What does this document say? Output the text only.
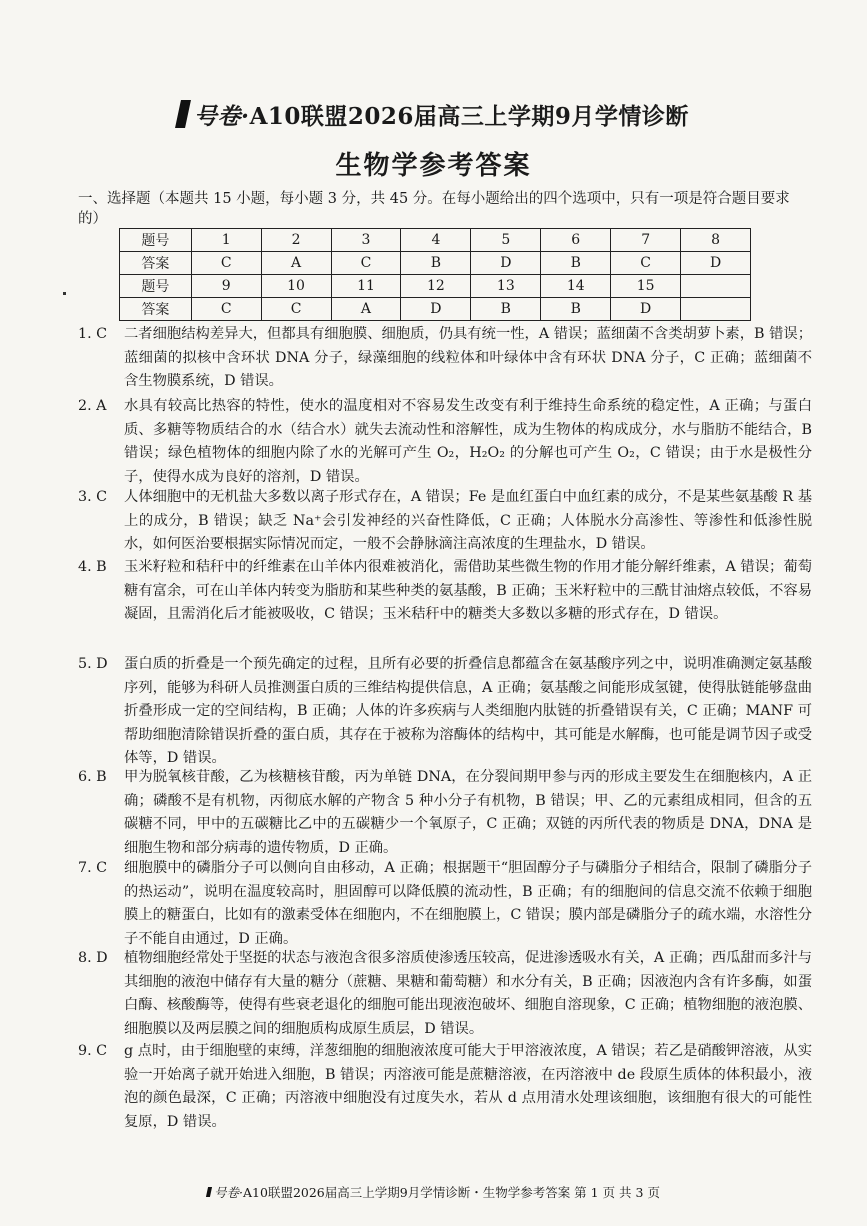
号卷·A10联盟2026届高三上学期9月学情诊断
生物学参考答案
一、选择题（本题共 15 小题，每小题 3 分，共 45 分。在每小题给出的四个选项中，只有一项是符合题目要求的）
题号	1	2	3	4	5	6	7	8
答案	C	A	C	B	D	B	C	D
题号	9	10	11	12	13	14	15	
答案	C	C	A	D	B	B	D	
1. C	二者细胞结构差异大，但都具有细胞膜、细胞质，仍具有统一性，A 错误；蓝细菌不含类胡萝卜素，B 错误；蓝细菌的拟核中含环状 DNA 分子，绿藻细胞的线粒体和叶绿体中含有环状 DNA 分子，C 正确；蓝细菌不含生物膜系统，D 错误。
2. A	水具有较高比热容的特性，使水的温度相对不容易发生改变有利于维持生命系统的稳定性，A 正确；与蛋白质、多糖等物质结合的水（结合水）就失去流动性和溶解性，成为生物体的构成成分，水与脂肪不能结合，B 错误；绿色植物体的细胞内除了水的光解可产生 O₂，H₂O₂ 的分解也可产生 O₂，C 错误；由于水是极性分子，使得水成为良好的溶剂，D 错误。
3. C	人体细胞中的无机盐大多数以离子形式存在，A 错误；Fe 是血红蛋白中血红素的成分，不是某些氨基酸 R 基上的成分，B 错误；缺乏 Na⁺会引发神经的兴奋性降低，C 正确；人体脱水分高渗性、等渗性和低渗性脱水，如何医治要根据实际情况而定，一般不会静脉滴注高浓度的生理盐水，D 错误。
4. B	玉米籽粒和秸秆中的纤维素在山羊体内很难被消化，需借助某些微生物的作用才能分解纤维素，A 错误；葡萄糖有富余，可在山羊体内转变为脂肪和某些种类的氨基酸，B 正确；玉米籽粒中的三酰甘油熔点较低，不容易凝固，且需消化后才能被吸收，C 错误；玉米秸秆中的糖类大多数以多糖的形式存在，D 错误。
5. D	蛋白质的折叠是一个预先确定的过程，且所有必要的折叠信息都蕴含在氨基酸序列之中，说明准确测定氨基酸序列，能够为科研人员推测蛋白质的三维结构提供信息，A 正确；氨基酸之间能形成氢键，使得肽链能够盘曲折叠形成一定的空间结构，B 正确；人体的许多疾病与人类细胞内肽链的折叠错误有关，C 正确；MANF 可帮助细胞清除错误折叠的蛋白质，其存在于被称为溶酶体的结构中，其可能是水解酶，也可能是调节因子或受体等，D 错误。
6. B	甲为脱氧核苷酸，乙为核糖核苷酸，丙为单链 DNA，在分裂间期甲参与丙的形成主要发生在细胞核内，A 正确；磷酸不是有机物，丙彻底水解的产物含 5 种小分子有机物，B 错误；甲、乙的元素组成相同，但含的五碳糖不同，甲中的五碳糖比乙中的五碳糖少一个氧原子，C 正确；双链的丙所代表的物质是 DNA，DNA 是细胞生物和部分病毒的遗传物质，D 正确。
7. C	细胞膜中的磷脂分子可以侧向自由移动，A 正确；根据题干“胆固醇分子与磷脂分子相结合，限制了磷脂分子的热运动”，说明在温度较高时，胆固醇可以降低膜的流动性，B 正确；有的细胞间的信息交流不依赖于细胞膜上的糖蛋白，比如有的激素受体在细胞内，不在细胞膜上，C 错误；膜内部是磷脂分子的疏水端，水溶性分子不能自由通过，D 正确。
8. D	植物细胞经常处于坚挺的状态与液泡含很多溶质使渗透压较高，促进渗透吸水有关，A 正确；西瓜甜而多汁与其细胞的液泡中储存有大量的糖分（蔗糖、果糖和葡萄糖）和水分有关，B 正确；因液泡内含有许多酶，如蛋白酶、核酸酶等，使得有些衰老退化的细胞可能出现液泡破坏、细胞自溶现象，C 正确；植物细胞的液泡膜、细胞膜以及两层膜之间的细胞质构成原生质层，D 错误。
9. C	g 点时，由于细胞壁的束缚，洋葱细胞的细胞液浓度可能大于甲溶液浓度，A 错误；若乙是硝酸钾溶液，从实验一开始离子就开始进入细胞，B 错误；丙溶液可能是蔗糖溶液，在丙溶液中 de 段原生质体的体积最小，液泡的颜色最深，C 正确；丙溶液中细胞没有过度失水，若从 d 点用清水处理该细胞，该细胞有很大的可能性复原，D 错误。
号卷·A10联盟2026届高三上学期9月学情诊断・生物学参考答案 第 1 页 共 3 页
